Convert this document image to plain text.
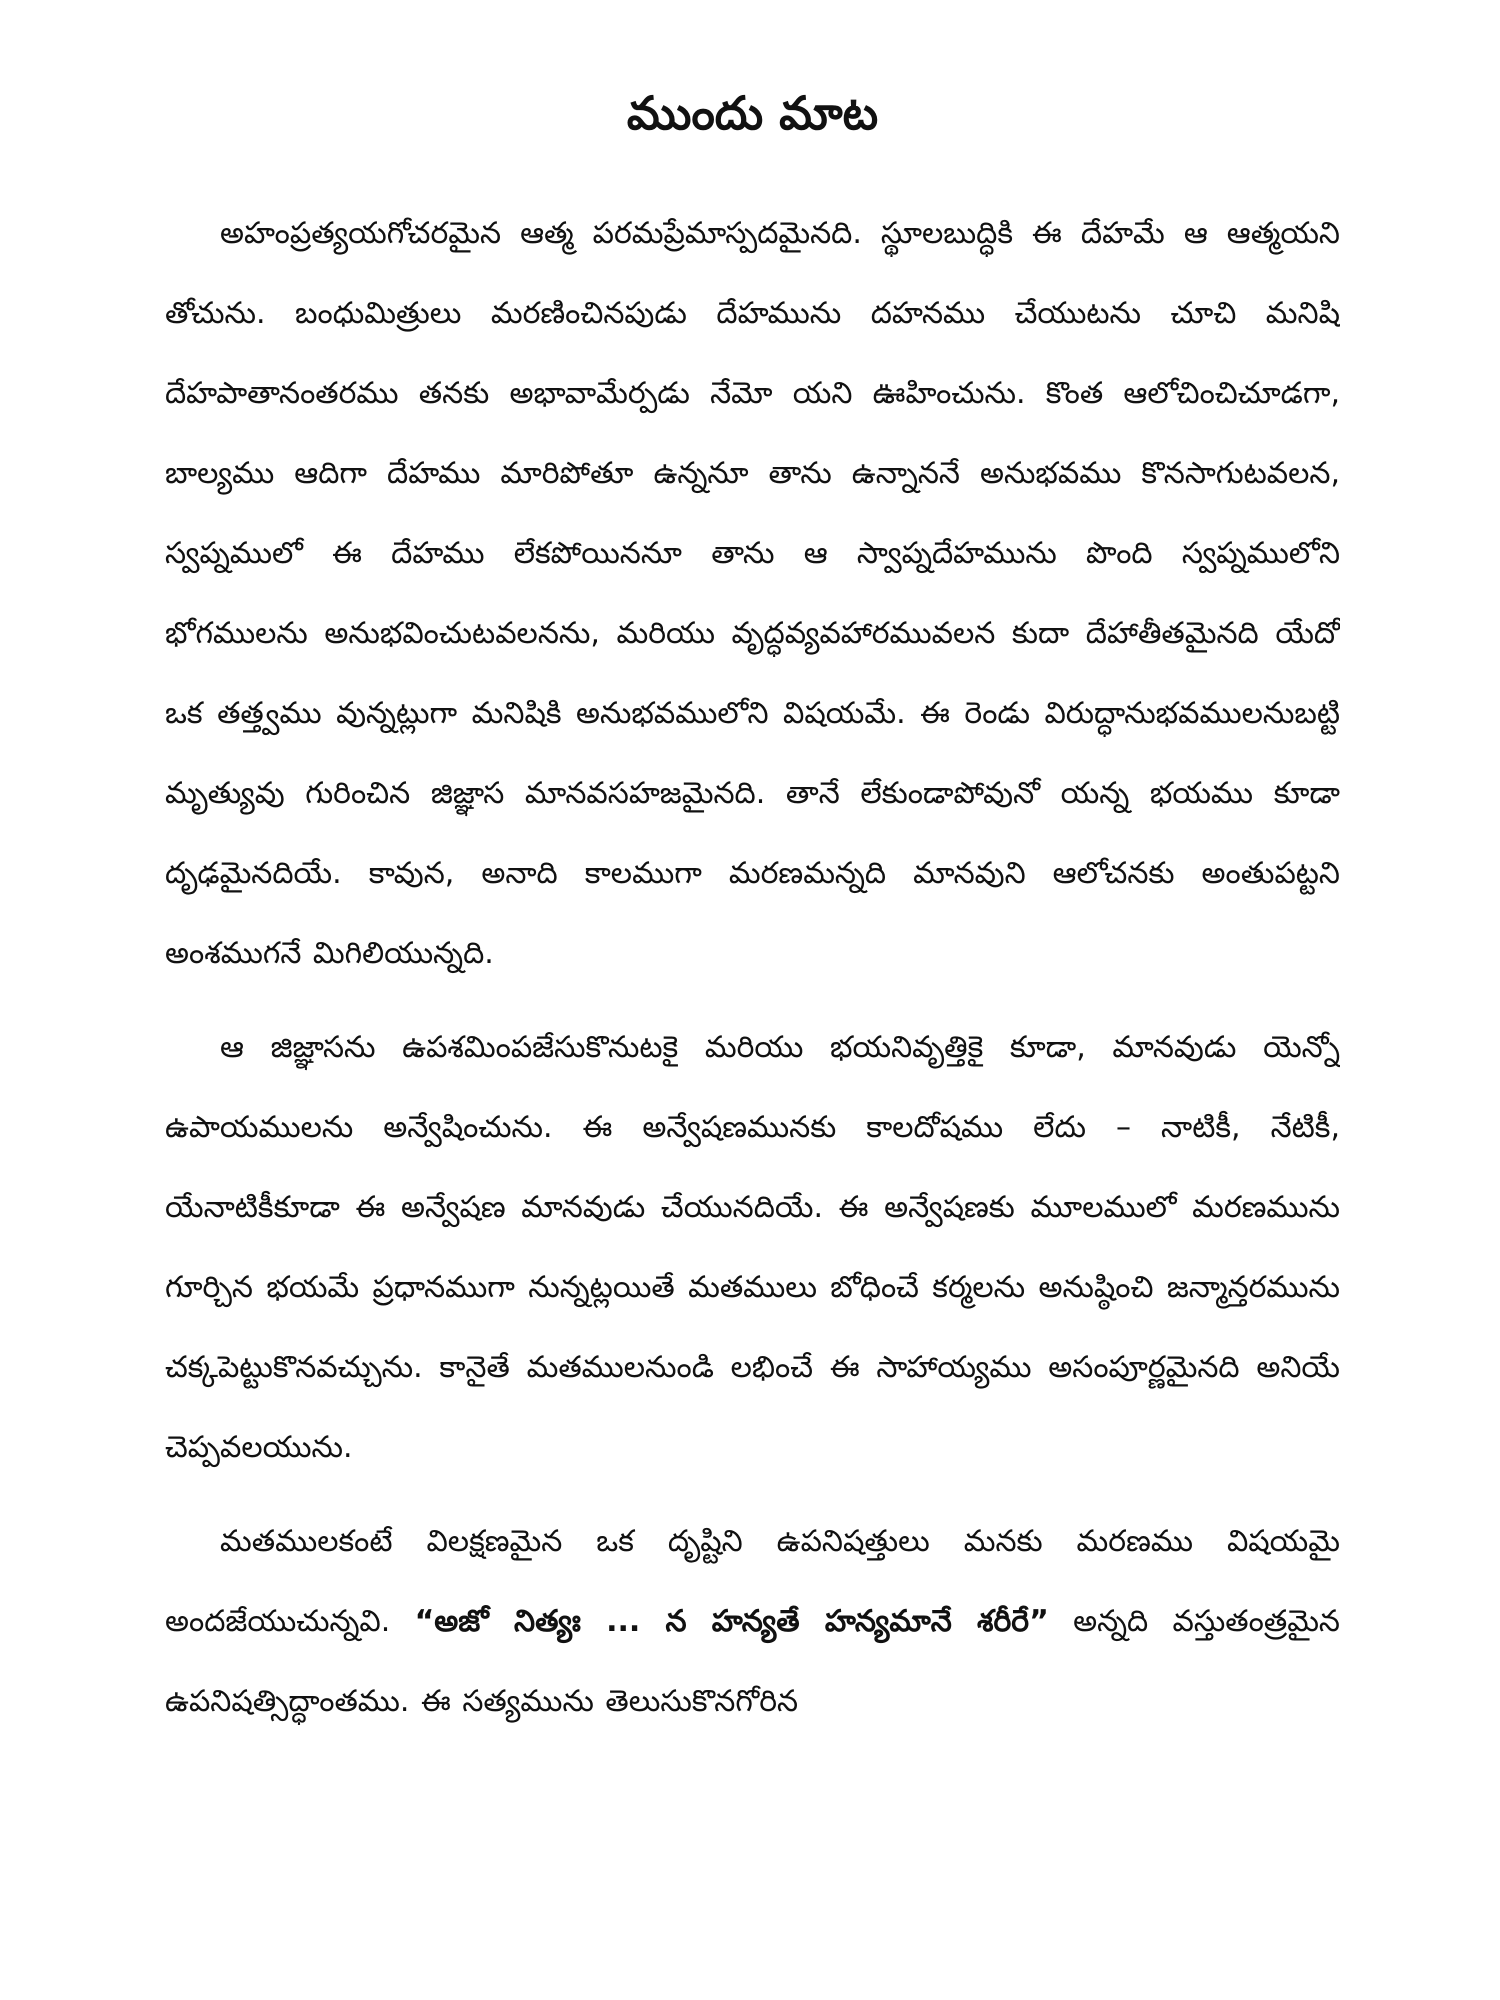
ముందు మాట

అహంప్రత్యయగోచరమైన ఆత్మ పరమప్రేమాస్పదమైనది. స్థూలబుద్ధికి ఈ దేహమే ఆ ఆత్మయని తోచును. బంధుమిత్రులు మరణించినపుడు దేహమును దహనము చేయుటను చూచి మనిషి దేహపాతానంతరము తనకు అభావామేర్పడు నేమో యని ఊహించును. కొంత ఆలోచించిచూడగా, బాల్యము ఆదిగా దేహము మారిపోతూ ఉన్ననూ తాను ఉన్నాననే అనుభవము కొనసాగుటవలన, స్వప్నములో ఈ దేహము లేకపోయిననూ తాను ఆ స్వాప్నదేహమును పొంది స్వప్నములోని భోగములను అనుభవించుటవలనను, మరియు వృద్ధవ్యవహారమువలన కుదా దేహాతీతమైనది యేదో ఒక తత్త్వము వున్నట్లుగా మనిషికి అనుభవములోని విషయమే. ఈ రెండు విరుద్ధానుభవములనుబట్టి మృత్యువు గురించిన జిజ్ఞాస మానవసహజమైనది. తానే లేకుండాపోవునో యన్న భయము కూడా దృఢమైనదియే. కావున, అనాది కాలముగా మరణమన్నది మానవుని ఆలోచనకు అంతుపట్టని అంశముగనే మిగిలియున్నది.

ఆ జిజ్ఞాసను ఉపశమింపజేసుకొనుటకై మరియు భయనివృత్తికై కూడా, మానవుడు యెన్నో ఉపాయములను అన్వేషించును. ఈ అన్వేషణమునకు కాలదోషము లేదు – నాటికీ, నేటికీ, యేనాటికీకూడా ఈ అన్వేషణ మానవుడు చేయునదియే. ఈ అన్వేషణకు మూలములో మరణమును గూర్చిన భయమే ప్రధానముగా నున్నట్లయితే మతములు బోధించే కర్మలను అనుష్ఠించి జన్మాన్తరమును చక్కపెట్టుకొనవచ్చును. కానైతే మతములనుండి లభించే ఈ సాహాయ్యము అసంపూర్ణమైనది అనియే చెప్పవలయును.

మతములకంటే విలక్షణమైన ఒక దృష్టిని ఉపనిషత్తులు మనకు మరణము విషయమై అందజేయుచున్నవి. “అజో నిత్యః ... న హన్యతే హన్యమానే శరీరే” అన్నది వస్తుతంత్రమైన ఉపనిషత్సిద్ధాంతము. ఈ సత్యమును తెలుసుకొనగోరిన
